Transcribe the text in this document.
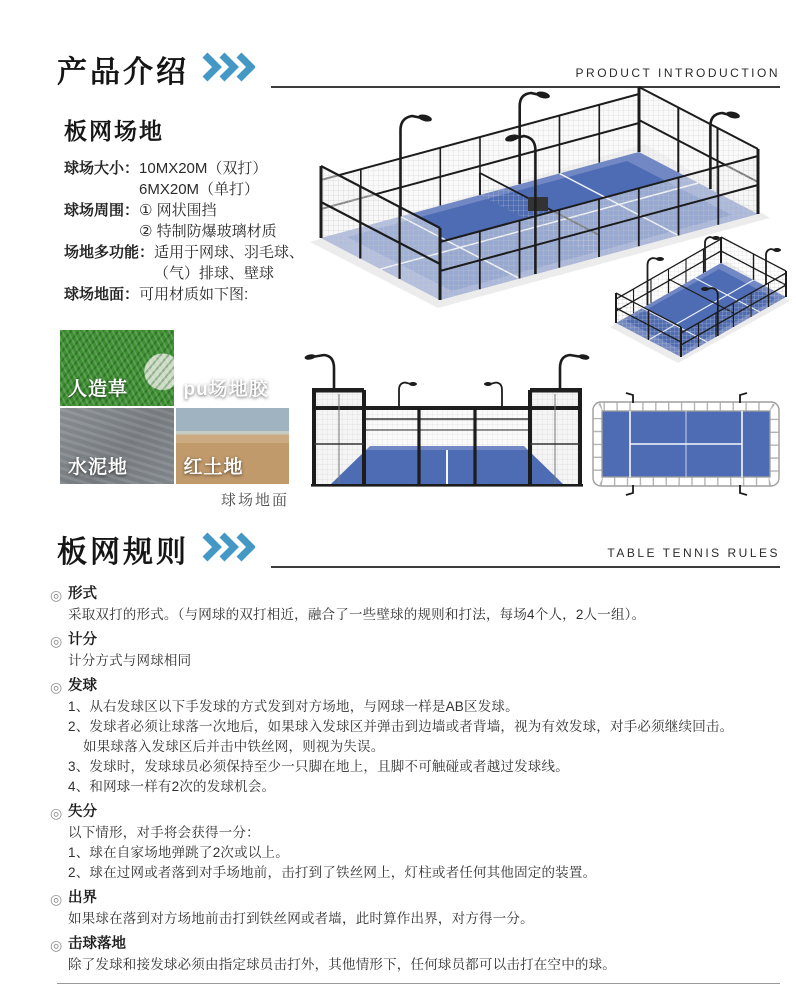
产品介绍	PRODUCT INTRODUCTION
板网场地
球场大小： 10MX20M（双打）
6MX20M（单打）
球场周围： ① 网状围挡
② 特制防爆玻璃材质
场地多功能： 适用于网球、羽毛球、
（气）排球、壁球
球场地面： 可用材质如下图:
人造草	pu场地胶
水泥地	红土地
球场地面
板网规则	TABLE TENNIS RULES
◎ 形式
采取双打的形式。（与网球的双打相近，融合了一些壁球的规则和打法，每场4个人，2人一组）。
◎ 计分
计分方式与网球相同
◎ 发球
1、从右发球区以下手发球的方式发到对方场地，与网球一样是AB区发球。
2、发球者必须让球落一次地后，如果球入发球区并弹击到边墙或者背墙，视为有效发球，对手必须继续回击。
如果球落入发球区后并击中铁丝网，则视为失误。
3、发球时，发球球员必须保持至少一只脚在地上，且脚不可触碰或者越过发球线。
4、和网球一样有2次的发球机会。
◎ 失分
以下情形，对手将会获得一分：
1、球在自家场地弹跳了2次或以上。
2、球在过网或者落到对手场地前，击打到了铁丝网上，灯柱或者任何其他固定的装置。
◎ 出界
如果球在落到对方场地前击打到铁丝网或者墙，此时算作出界，对方得一分。
◎ 击球落地
除了发球和接发球必须由指定球员击打外，其他情形下，任何球员都可以击打在空中的球。
